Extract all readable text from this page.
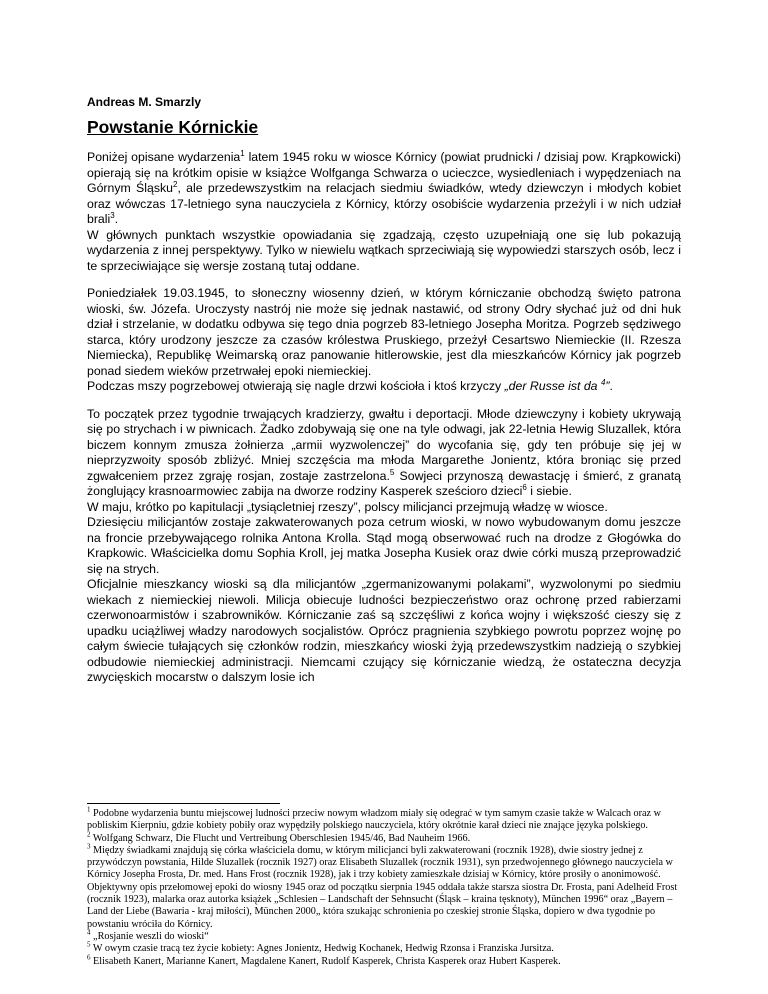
Andreas M. Smarzly

Powstanie Kórnickie

Poniżej opisane wydarzenia$^1$ latem 1945 roku w wiosce Kórnicy (powiat prudnicki / dzisiaj pow. Krąpkowicki) opierają się na krótkim opisie w książce Wolfganga Schwarza o ucieczce, wysiedleniach i wypędzeniach na Górnym Śląsku$^2$, ale przedewszystkim na relacjach siedmiu świadków, wtedy dziewczyn i młodych kobiet oraz wówczas 17-letniego syna nauczyciela z Kórnicy, którzy osobiście wydarzenia przeżyli i w nich udział brali$^3$.

W głównych punktach wszystkie opowiadania się zgadzają, często uzupełniają one się lub pokazują wydarzenia z innej perspektywy. Tylko w niewielu wątkach sprzeciwiają się wypowiedzi starszych osób, lecz i te sprzeciwiające się wersje zostaną tutaj oddane.

Poniedziałek 19.03.1945, to słoneczny wiosenny dzień, w którym kórniczanie obchodzą święto patrona wioski, św. Józefa. Uroczysty nastrój nie może się jednak nastawić, od strony Odry słychać już od dni huk dział i strzelanie, w dodatku odbywa się tego dnia pogrzeb 83-letniego Josepha Moritza. Pogrzeb sędziwego starca, który urodzony jeszcze za czasów królestwa Pruskiego, przeżył Cesartswo Niemieckie (II. Rzesza Niemiecka), Republikę Weimarską oraz panowanie hitlerowskie, jest dla mieszkańców Kórnicy jak pogrzeb ponad siedem wieków przetrwałej epoki niemieckiej.
Podczas mszy pogrzebowej otwierają się nagle drzwi kościoła i ktoś krzyczy „der Russe ist da $^4$”.

To początek przez tygodnie trwających kradzierzy, gwałtu i deportacji. Młode dziewczyny i kobiety ukrywają się po strychach i w piwnicach. Żadko zdobywają się one na tyle odwagi, jak 22-letnia Hewig Sluzallek, która biczem konnym zmusza żołnierza „armii wyzwolenczej” do wycofania się, gdy ten próbuje się jej w nieprzyzwoity sposób zbliżyć. Mniej szczęścia ma młoda Margarethe Jonientz, która broniąc się przed zgwałceniem przez zgraję rosjan, zostaje zastrzelona.$^5$ Sowjeci przynoszą dewastację i śmierć, z granatą żonglujący krasnoarmowiec zabija na dworze rodziny Kasperek sześcioro dzieci$^6$ i siebie.

W maju, krótko po kapitulacji „tysiącletniej rzeszy”, polscy milicjanci przejmują władzę w wiosce.

Dziesięciu milicjantów zostaje zakwaterowanych poza cetrum wioski, w nowo wybudowanym domu jeszcze na froncie przebywającego rolnika Antona Krolla. Stąd mogą obserwować ruch na drodze z Głogówka do Krapkowic. Właścicielka domu Sophia Kroll, jej matka Josepha Kusiek oraz dwie córki muszą przeprowadzić się na strych.

Oficjalnie mieszkancy wioski są dla milicjantów „zgermanizowanymi polakami”, wyzwolonymi po siedmiu wiekach z niemieckiej niewoli. Milicja obiecuje ludności bezpieczeństwo oraz ochronę przed rabierzami czerwonoarmistów i szabrowników. Kórniczanie zaś są szczęśliwi z końca wojny i większość cieszy się z upadku uciążliwej władzy narodowych socjalistów. Oprócz pragnienia szybkiego powrotu poprzez wojnę po całym świecie tułających się członków rodzin, mieszkańcy wioski żyją przedewszystkim nadzieją o szybkiej odbudowie niemieckiej administracji. Niemcami czujący się kórniczanie wiedzą, że ostateczna decyzja zwycięskich mocarstw o dalszym losie ich

$^1$ Podobne wydarzenia buntu miejscowej ludności przeciw nowym władzom miały się odegrać w tym samym czasie także w Walcach oraz w pobliskim Kierpniu, gdzie kobiety pobiły oraz wypędziły polskiego nauczyciela, który okrótnie karał dzieci nie znające języka polskiego.

$^2$ Wolfgang Schwarz, Die Flucht und Vertreibung Oberschlesien 1945/46, Bad Nauheim 1966.

$^3$ Między świadkami znajdują się córka właściciela domu, w którym milicjanci byli zakwaterowani (rocznik 1928), dwie siostry jednej z przywódczyn powstania, Hilde Sluzallek (rocznik 1927) oraz Elisabeth Sluzallek (rocznik 1931), syn przedwojennego głównego nauczyciela w Kórnicy Josepha Frosta, Dr. med. Hans Frost (rocznik 1928), jak i trzy kobiety zamieszkałe dzisiaj w Kórnicy, które prosiły o anonimowość. Objektywny opis przełomowej epoki do wiosny 1945 oraz od początku sierpnia 1945 oddała także starsza siostra Dr. Frosta, pani Adelheid Frost (rocznik 1923), malarka oraz autorka książek „Schlesien – Landschaft der Sehnsucht (Śląsk – kraina tęsknoty), München 1996“ oraz „Bayern – Land der Liebe (Bawaria - kraj miłości), München 2000„ która szukając schronienia po czeskiej stronie Śląska, dopiero w dwa tygodnie po powstaniu wróciła do Kórnicy.

$^4$ „Rosjanie weszli do wioski“

$^5$ W owym czasie tracą tez życie kobiety: Agnes Jonientz, Hedwig Kochanek, Hedwig Rzonsa i Franziska Jursitza.

$^6$ Elisabeth Kanert, Marianne Kanert, Magdalene Kanert, Rudolf Kasperek, Christa Kasperek oraz Hubert Kasperek.
